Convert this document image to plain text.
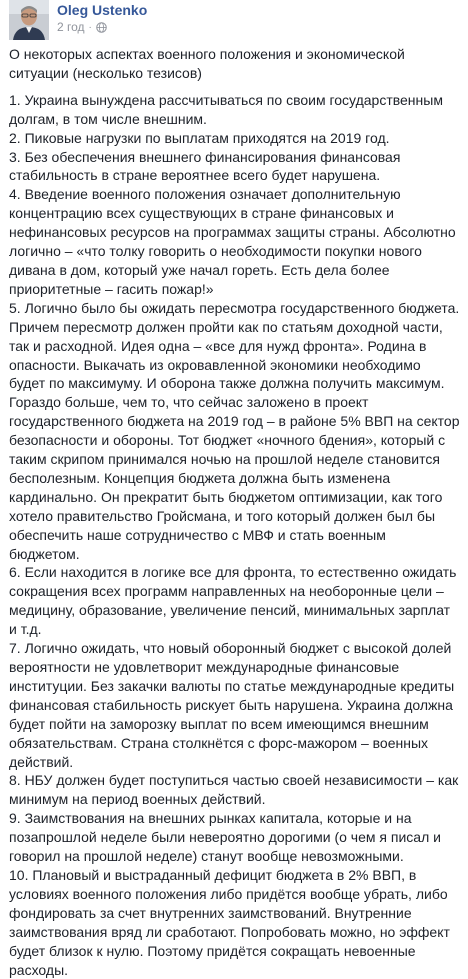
Oleg Ustenko
2 год ·

О некоторых аспектах военного положения и экономической ситуации (несколько тезисов)

1. Украина вынуждена рассчитываться по своим государственным долгам, в том числе внешним.

2. Пиковые нагрузки по выплатам приходятся на 2019 год.

3. Без обеспечения внешнего финансирования финансовая стабильность в стране вероятнее всего будет нарушена.

4. Введение военного положения означает дополнительную концентрацию всех существующих в стране финансовых и нефинансовых ресурсов на программах защиты страны. Абсолютно логично – «что толку говорить о необходимости покупки нового дивана в дом, который уже начал гореть. Есть дела более приоритетные – гасить пожар!»

5. Логично было бы ожидать пересмотра государственного бюджета. Причем пересмотр должен пройти как по статьям доходной части, так и расходной. Идея одна – «все для нужд фронта». Родина в опасности. Выкачать из окровавленной экономики необходимо будет по максимуму. И оборона также должна получить максимум. Гораздо больше, чем то, что сейчас заложено в проект государственного бюджета на 2019 год – в районе 5% ВВП на сектор безопасности и обороны. Тот бюджет «ночного бдения», который с таким скрипом принимался ночью на прошлой неделе становится бесполезным. Концепция бюджета должна быть изменена кардинально. Он прекратит быть бюджетом оптимизации, как того хотело правительство Гройсмана, и того который должен был бы обеспечить наше сотрудничество с МВФ и стать военным бюджетом.

6. Если находится в логике все для фронта, то естественно ожидать сокращения всех программ направленных на необоронные цели – медицину, образование, увеличение пенсий, минимальных зарплат и т.д.

7. Логично ожидать, что новый оборонный бюджет с высокой долей вероятности не удовлетворит международные финансовые институции. Без закачки валюты по статье международные кредиты финансовая стабильность рискует быть нарушена. Украина должна будет пойти на заморозку выплат по всем имеющимся внешним обязательствам. Страна столкнётся с форс-мажором – военных действий.

8. НБУ должен будет поступиться частью своей независимости – как минимум на период военных действий.

9. Заимствования на внешних рынках капитала, которые и на позапрошлой неделе были невероятно дорогими (о чем я писал и говорил на прошлой неделе) станут вообще невозможными.

10. Плановый и выстраданный дефицит бюджета в 2% ВВП, в условиях военного положения либо придётся вообще убрать, либо фондировать за счет внутренних заимствований. Внутренние заимствования вряд ли сработают. Попробовать можно, но эффект будет близок к нулю. Поэтому придётся сокращать невоенные расходы.
